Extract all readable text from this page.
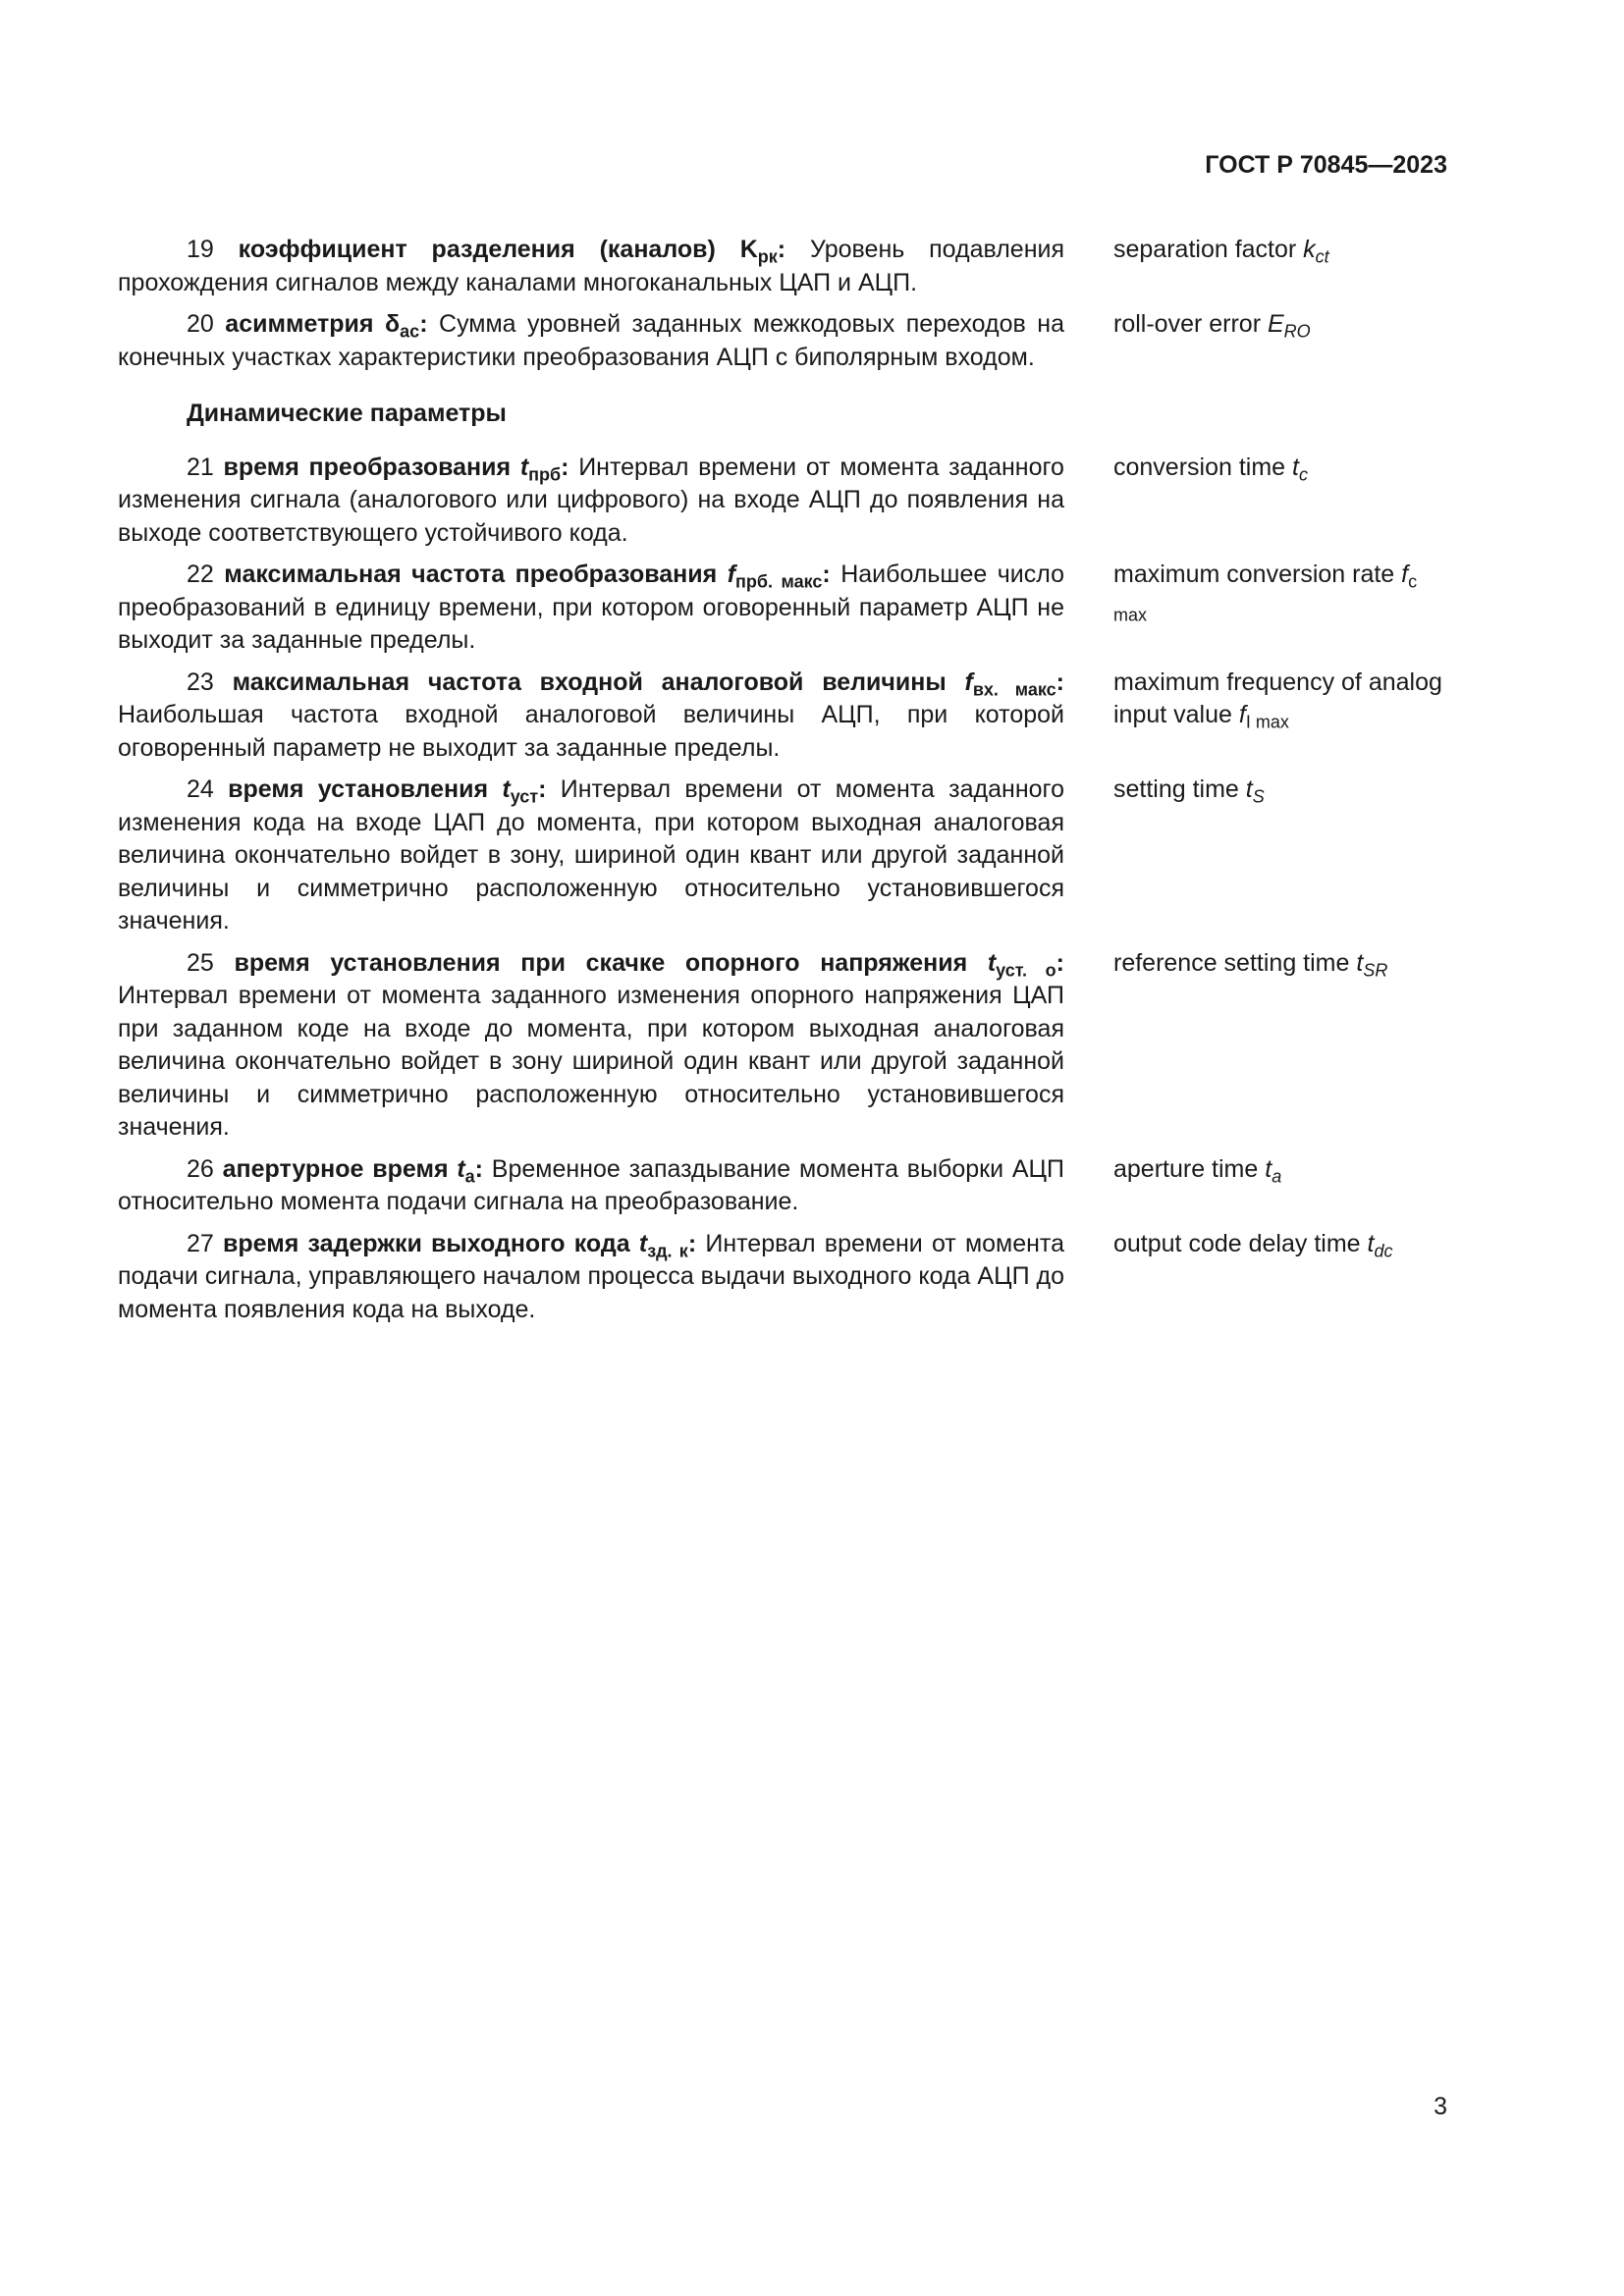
ГОСТ Р 70845—2023
19 коэффициент разделения (каналов) $K_{рк}$: Уровень подавления прохождения сигналов между каналами многоканальных ЦАП и АЦП.
separation factor $k_{ct}$
20 асимметрия $\delta_{ac}$: Сумма уровней заданных межкодовых переходов на конечных участках характеристики преобразования АЦП с биполярным входом.
roll-over error $E_{RO}$
Динамические параметры
21 время преобразования $t_{прб}$: Интервал времени от момента заданного изменения сигнала (аналогового или цифрового) на входе АЦП до появления на выходе соответствующего устойчивого кода.
conversion time $t_c$
22 максимальная частота преобразования $f_{прб. макс}$: Наибольшее число преобразований в единицу времени, при котором оговоренный параметр АЦП не выходит за заданные пределы.
maximum conversion rate $f_{c max}$
23 максимальная частота входной аналоговой величины $f_{вх. макс}$: Наибольшая частота входной аналоговой величины АЦП, при которой оговоренный параметр не выходит за заданные пределы.
maximum frequency of analog input value $f_{I max}$
24 время установления $t_{уст}$: Интервал времени от момента заданного изменения кода на входе ЦАП до момента, при котором выходная аналоговая величина окончательно войдет в зону, шириной один квант или другой заданной величины и симметрично расположенную относительно установившегося значения.
setting time $t_S$
25 время установления при скачке опорного напряжения $t_{уст. о}$: Интервал времени от момента заданного изменения опорного напряжения ЦАП при заданном коде на входе до момента, при котором выходная аналоговая величина окончательно войдет в зону шириной один квант или другой заданной величины и симметрично расположенную относительно установившегося значения.
reference setting time $t_{SR}$
26 апертурное время $t_a$: Временное запаздывание момента выборки АЦП относительно момента подачи сигнала на преобразование.
aperture time $t_a$
27 время задержки выходного кода $t_{зд. к}$: Интервал времени от момента подачи сигнала, управляющего началом процесса выдачи выходного кода АЦП до момента появления кода на выходе.
output code delay time $t_{dc}$
3
